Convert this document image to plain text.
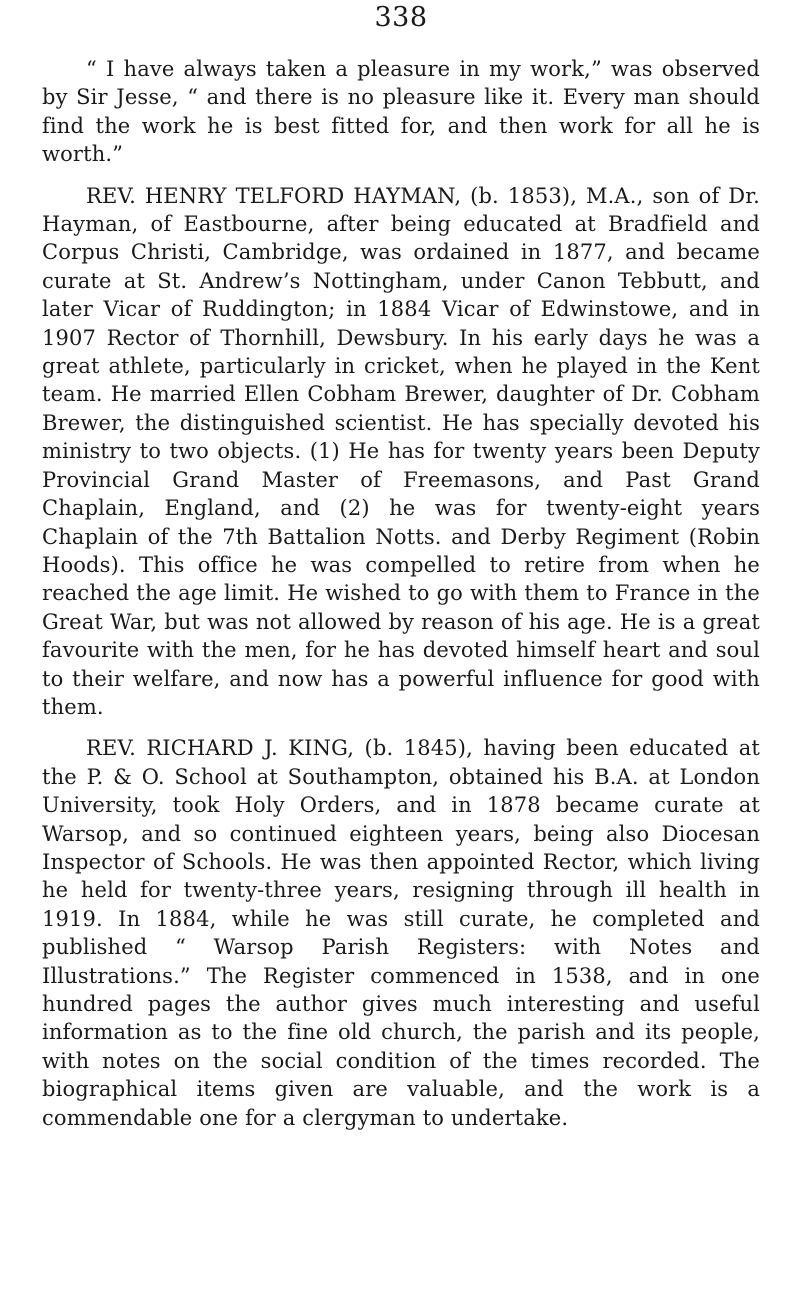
338

“ I have always taken a pleasure in my work,” was observed by Sir Jesse, “ and there is no pleasure like it. Every man should find the work he is best fitted for, and then work for all he is worth.”

REV. HENRY TELFORD HAYMAN, (b. 1853), M.A., son of Dr. Hayman, of Eastbourne, after being educated at Bradfield and Corpus Christi, Cambridge, was ordained in 1877, and became curate at St. Andrew’s Nottingham, under Canon Tebbutt, and later Vicar of Ruddington; in 1884 Vicar of Edwinstowe, and in 1907 Rector of Thornhill, Dewsbury. In his early days he was a great athlete, particularly in cricket, when he played in the Kent team. He married Ellen Cobham Brewer, daughter of Dr. Cobham Brewer, the distinguished scientist. He has specially devoted his ministry to two objects. (1) He has for twenty years been Deputy Provincial Grand Master of Freemasons, and Past Grand Chaplain, England, and (2) he was for twenty-eight years Chaplain of the 7th Battalion Notts. and Derby Regiment (Robin Hoods). This office he was compelled to retire from when he reached the age limit. He wished to go with them to France in the Great War, but was not allowed by reason of his age. He is a great favourite with the men, for he has devoted himself heart and soul to their welfare, and now has a powerful influence for good with them.

REV. RICHARD J. KING, (b. 1845), having been educated at the P. & O. School at Southampton, obtained his B.A. at London University, took Holy Orders, and in 1878 became curate at Warsop, and so continued eighteen years, being also Diocesan Inspector of Schools. He was then appointed Rector, which living he held for twenty-three years, resigning through ill health in 1919. In 1884, while he was still curate, he completed and published “ Warsop Parish Registers: with Notes and Illustrations.” The Register commenced in 1538, and in one hundred pages the author gives much interesting and useful information as to the fine old church, the parish and its people, with notes on the social condition of the times recorded. The biographical items given are valuable, and the work is a commendable one for a clergyman to undertake.
